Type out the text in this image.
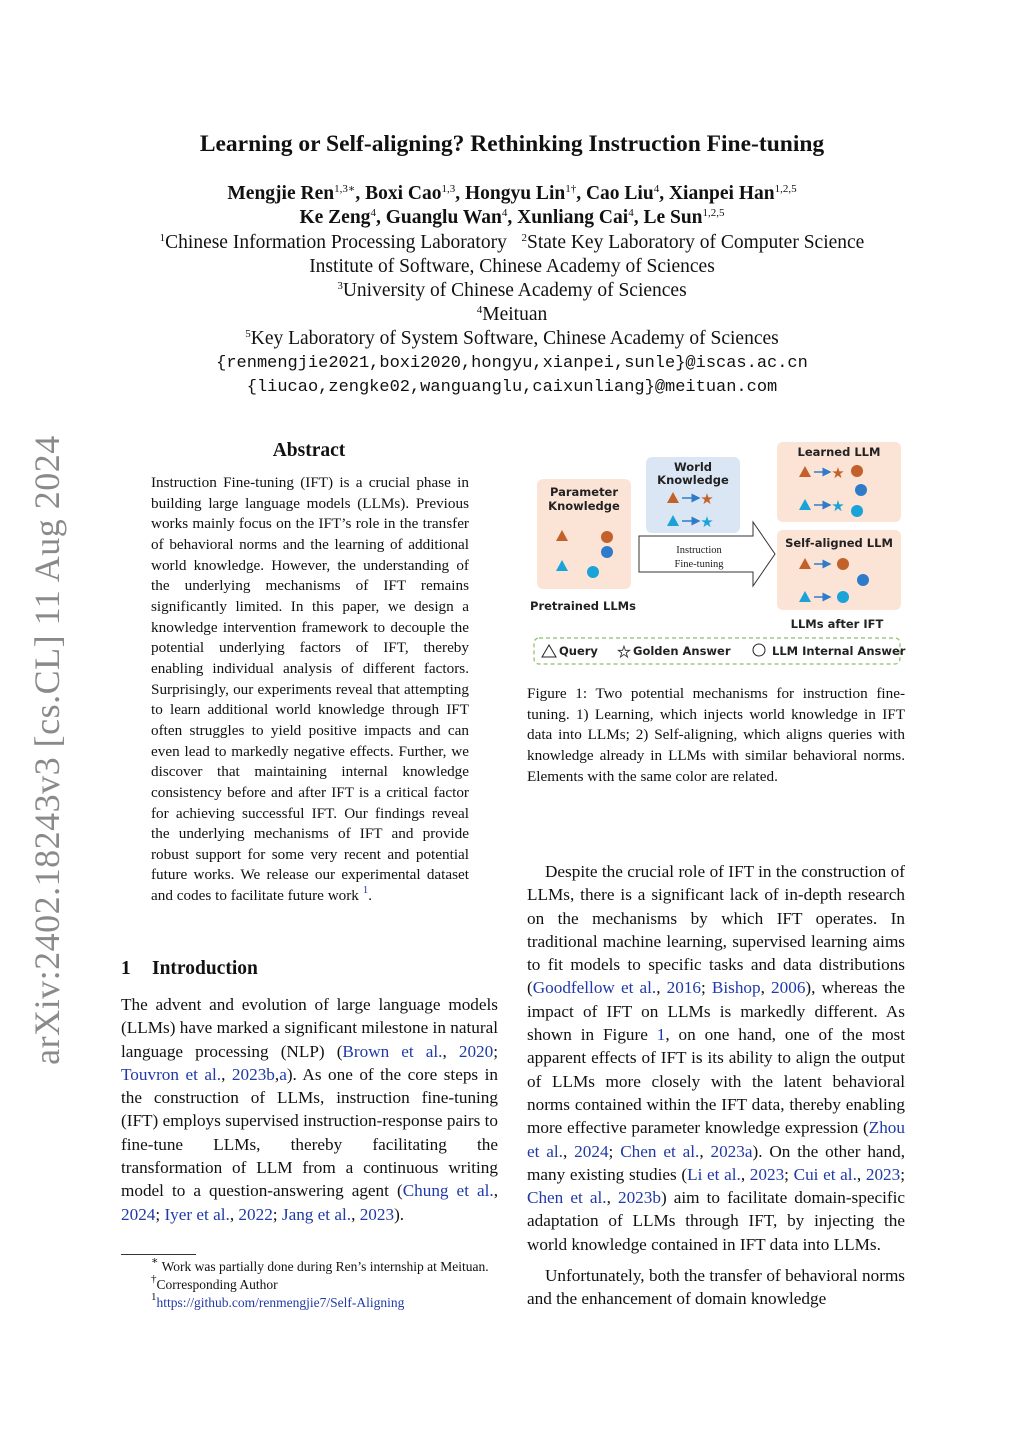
arXiv:2402.18243v3 [cs.CL] 11 Aug 2024
Learning or Self-aligning? Rethinking Instruction Fine-tuning
Mengjie Ren$^{1,3∗}$, Boxi Cao$^{1,3}$, Hongyu Lin$^{1\dagger}$, Cao Liu$^4$, Xianpei Han$^{1,2,5}$
Ke Zeng$^4$, Guanglu Wan$^4$, Xunliang Cai$^4$, Le Sun$^{1,2,5}$
$^1$Chinese Information Processing Laboratory $^2$State Key Laboratory of Computer Science
Institute of Software, Chinese Academy of Sciences
$^3$University of Chinese Academy of Sciences
$^4$Meituan
$^5$Key Laboratory of System Software, Chinese Academy of Sciences
{renmengjie2021,boxi2020,hongyu,xianpei,sunle}@iscas.ac.cn
{liucao,zengke02,wanguanglu,caixunliang}@meituan.com
Abstract
Instruction Fine-tuning (IFT) is a crucial phase in building large language models (LLMs). Previous works mainly focus on the IFT’s role in the transfer of behavioral norms and the learning of additional world knowledge. However, the understanding of the underlying mechanisms of IFT remains significantly limited. In this paper, we design a knowledge intervention framework to decouple the potential underlying factors of IFT, thereby enabling individual analysis of different factors. Surprisingly, our experiments reveal that attempting to learn additional world knowledge through IFT often struggles to yield positive impacts and can even lead to markedly negative effects. Further, we discover that maintaining internal knowledge consistency before and after IFT is a critical factor for achieving successful IFT. Our findings reveal the underlying mechanisms of IFT and provide robust support for some very recent and potential future works. We release our experimental dataset and codes to facilitate future work $^1$.
1 Introduction
The advent and evolution of large language models (LLMs) have marked a significant milestone in natural language processing (NLP) (Brown et al., 2020; Touvron et al., 2023b,a). As one of the core steps in the construction of LLMs, instruction fine-tuning (IFT) employs supervised instruction-response pairs to fine-tune LLMs, thereby facilitating the transformation of LLM from a continuous writing model to a question-answering agent (Chung et al., 2024; Iyer et al., 2022; Jang et al., 2023).
∗ Work was partially done during Ren’s internship at Meituan.
†Corresponding Author
$^1$https://github.com/renmengjie7/Self-Aligning
Parameter
Knowledge
Pretrained LLMs
World
Knowledge
★
★
Instruction
Fine-tuning
Learned LLM
★
★
Self-aligned LLM
LLMs after IFT
Query ★ Golden Answer	LLM Internal Answer
Figure 1: Two potential mechanisms for instruction fine-tuning. 1) Learning, which injects world knowledge in IFT data into LLMs; 2) Self-aligning, which aligns queries with knowledge already in LLMs with similar behavioral norms. Elements with the same color are related.

Despite the crucial role of IFT in the construction of LLMs, there is a significant lack of in-depth research on the mechanisms by which IFT operates. In traditional machine learning, supervised learning aims to fit models to specific tasks and data distributions (Goodfellow et al., 2016; Bishop, 2006), whereas the impact of IFT on LLMs is markedly different. As shown in Figure 1, on one hand, one of the most apparent effects of IFT is its ability to align the output of LLMs more closely with the latent behavioral norms contained within the IFT data, thereby enabling more effective parameter knowledge expression (Zhou et al., 2024; Chen et al., 2023a). On the other hand, many existing studies (Li et al., 2023; Cui et al., 2023; Chen et al., 2023b) aim to facilitate domain-specific adaptation of LLMs through IFT, by injecting the world knowledge contained in IFT data into LLMs.

Unfortunately, both the transfer of behavioral norms and the enhancement of domain knowledge
